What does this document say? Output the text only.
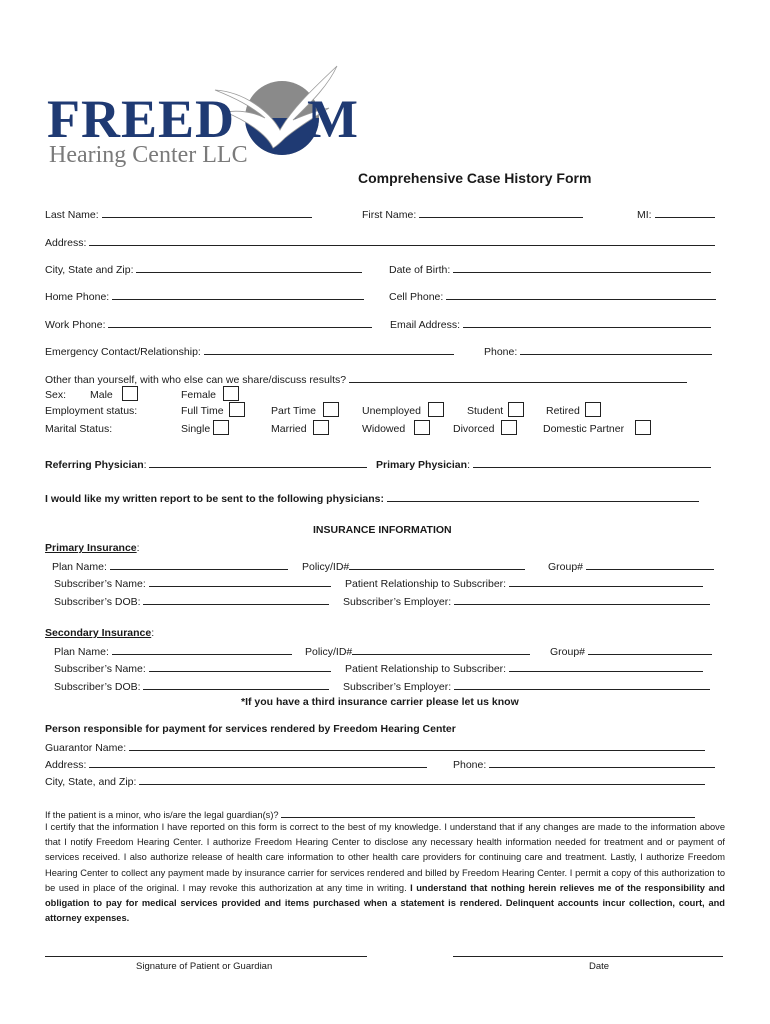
FREED M
Hearing Center LLC
Comprehensive Case History Form
Last Name:	First Name:	MI:
Address:
City, State and Zip:	Date of Birth:
Home Phone:	Cell Phone:
Work Phone:	Email Address:
Emergency Contact/Relationship:	Phone:
Other than yourself, with who else can we share/discuss results?
Sex: Male	Female
Employment status:	Full Time	Part Time	Unemployed	Student	Retired
Marital Status:	Single	Married	Widowed	Divorced	Domestic Partner
Referring Physician:	Primary Physician:
I would like my written report to be sent to the following physicians:
INSURANCE INFORMATION
Primary Insurance:
Plan Name:	Policy/ID#	Group#
Subscriber’s Name:	Patient Relationship to Subscriber:
Subscriber’s DOB:	Subscriber’s Employer:
Secondary Insurance:
Plan Name:	Policy/ID#	Group#
Subscriber’s Name:	Patient Relationship to Subscriber:
Subscriber’s DOB:	Subscriber’s Employer:
*If you have a third insurance carrier please let us know
Person responsible for payment for services rendered by Freedom Hearing Center
Guarantor Name:
Address:	Phone:
City, State, and Zip:
If the patient is a minor, who is/are the legal guardian(s)?
I certify that the information I have reported on this form is correct to the best of my knowledge. I understand that if any changes are made to the information above that I notify Freedom Hearing Center. I authorize Freedom Hearing Center to disclose any necessary health information needed for treatment and or payment of services received. I also authorize release of health care information to other health care providers for continuing care and treatment. Lastly, I authorize Freedom Hearing Center to collect any payment made by insurance carrier for services rendered and billed by Freedom Hearing Center. I permit a copy of this authorization to be used in place of the original. I may revoke this authorization at any time in writing. I understand that nothing herein relieves me of the responsibility and obligation to pay for medical services provided and items purchased when a statement is rendered. Delinquent accounts incur collection, court, and attorney expenses.
Signature of Patient or Guardian	Date
